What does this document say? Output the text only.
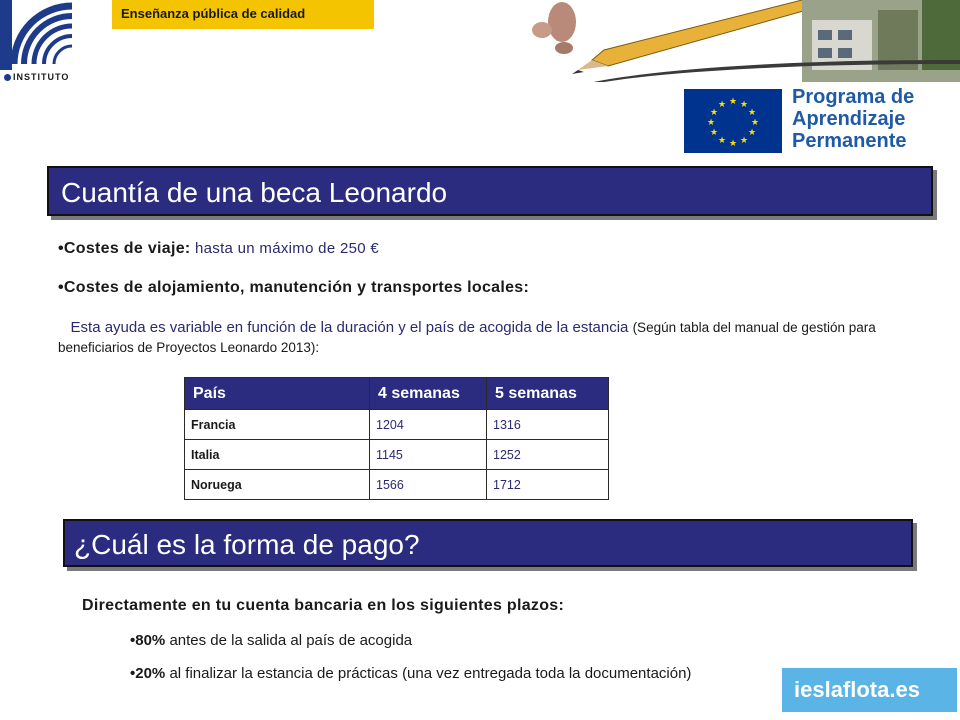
INSTITUTO
Enseñanza pública de calidad
★ ★
★
★
★
★
★
★
★
★
★
★	Programa de
Aprendizaje
Permanente
Cuantía de una beca Leonardo
•Costes de viaje: hasta un máximo de 250 €
•Costes de alojamiento, manutención y transportes locales:
Esta ayuda es variable en función de la duración y el país de acogida de la estancia (Según tabla del manual de gestión para beneficiarios de Proyectos Leonardo 2013):
País	4 semanas	5 semanas
Francia	1204	1316
Italia	1145	1252
Noruega	1566	1712
¿Cuál es la forma de pago?
Directamente en tu cuenta bancaria en los siguientes plazos:
•80% antes de la salida al país de acogida
•20% al finalizar la estancia de prácticas (una vez entregada toda la documentación)
ieslaflota.es
